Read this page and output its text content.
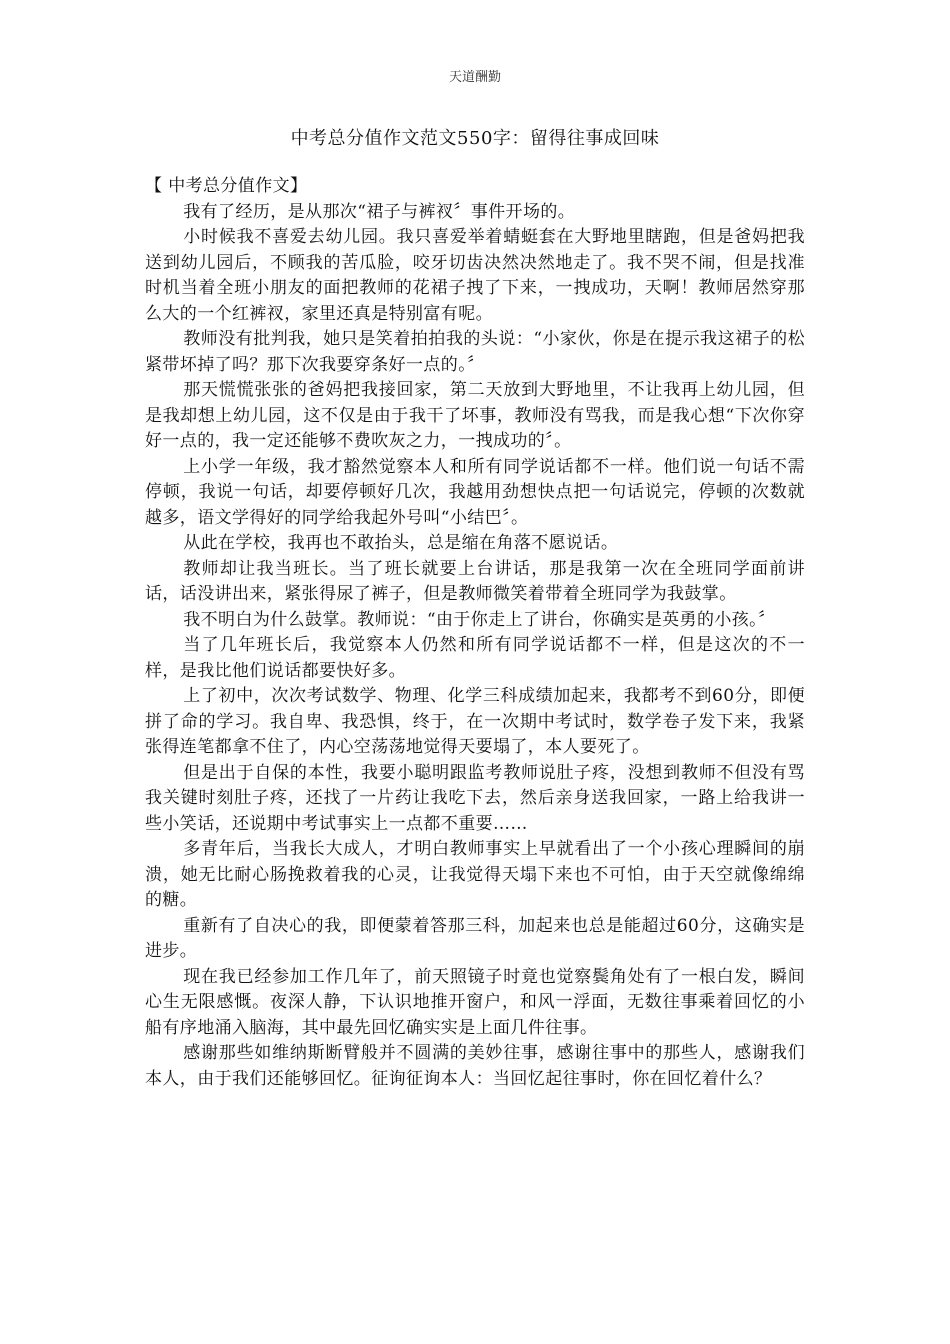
天道酬勤
中考总分值作文范文550字：留得往事成回味

【 中考总分值作文】

我有了经历，是从那次“裙子与裤衩〞事件开场的。

小时候我不喜爱去幼儿园。我只喜爱举着蜻蜓套在大野地里瞎跑，但是爸妈把我送到幼儿园后，不顾我的苦瓜脸，咬牙切齿决然决然地走了。我不哭不闹，但是找准时机当着全班小朋友的面把教师的花裙子拽了下来，一拽成功，天啊！教师居然穿那么大的一个红裤衩，家里还真是特别富有呢。

教师没有批判我，她只是笑着拍拍我的头说：“小家伙，你是在提示我这裙子的松紧带坏掉了吗？那下次我要穿条好一点的。〞

那天慌慌张张的爸妈把我接回家，第二天放到大野地里，不让我再上幼儿园，但是我却想上幼儿园，这不仅是由于我干了坏事，教师没有骂我，而是我心想“下次你穿好一点的，我一定还能够不费吹灰之力，一拽成功的〞。

上小学一年级，我才豁然觉察本人和所有同学说话都不一样。他们说一句话不需停顿，我说一句话，却要停顿好几次，我越用劲想快点把一句话说完，停顿的次数就越多，语文学得好的同学给我起外号叫“小结巴〞。

从此在学校，我再也不敢抬头，总是缩在角落不愿说话。

教师却让我当班长。当了班长就要上台讲话，那是我第一次在全班同学面前讲话，话没讲出来，紧张得尿了裤子，但是教师微笑着带着全班同学为我鼓掌。

我不明白为什么鼓掌。教师说：“由于你走上了讲台，你确实是英勇的小孩。〞

当了几年班长后，我觉察本人仍然和所有同学说话都不一样，但是这次的不一样，是我比他们说话都要快好多。

上了初中，次次考试数学、物理、化学三科成绩加起来，我都考不到60分，即便拼了命的学习。我自卑、我恐惧，终于，在一次期中考试时，数学卷子发下来，我紧张得连笔都拿不住了，内心空荡荡地觉得天要塌了，本人要死了。

但是出于自保的本性，我要小聪明跟监考教师说肚子疼，没想到教师不但没有骂我关键时刻肚子疼，还找了一片药让我吃下去，然后亲身送我回家，一路上给我讲一些小笑话，还说期中考试事实上一点都不重要……

多青年后，当我长大成人，才明白教师事实上早就看出了一个小孩心理瞬间的崩溃，她无比耐心肠挽救着我的心灵，让我觉得天塌下来也不可怕，由于天空就像绵绵的糖。

重新有了自决心的我，即便蒙着答那三科，加起来也总是能超过60分，这确实是进步。

现在我已经参加工作几年了，前天照镜子时竟也觉察鬓角处有了一根白发，瞬间心生无限感慨。夜深人静，下认识地推开窗户，和风一浮面，无数往事乘着回忆的小船有序地涌入脑海，其中最先回忆确实实是上面几件往事。

感谢那些如维纳斯断臂般并不圆满的美妙往事，感谢往事中的那些人，感谢我们本人，由于我们还能够回忆。征询征询本人：当回忆起往事时，你在回忆着什么？
